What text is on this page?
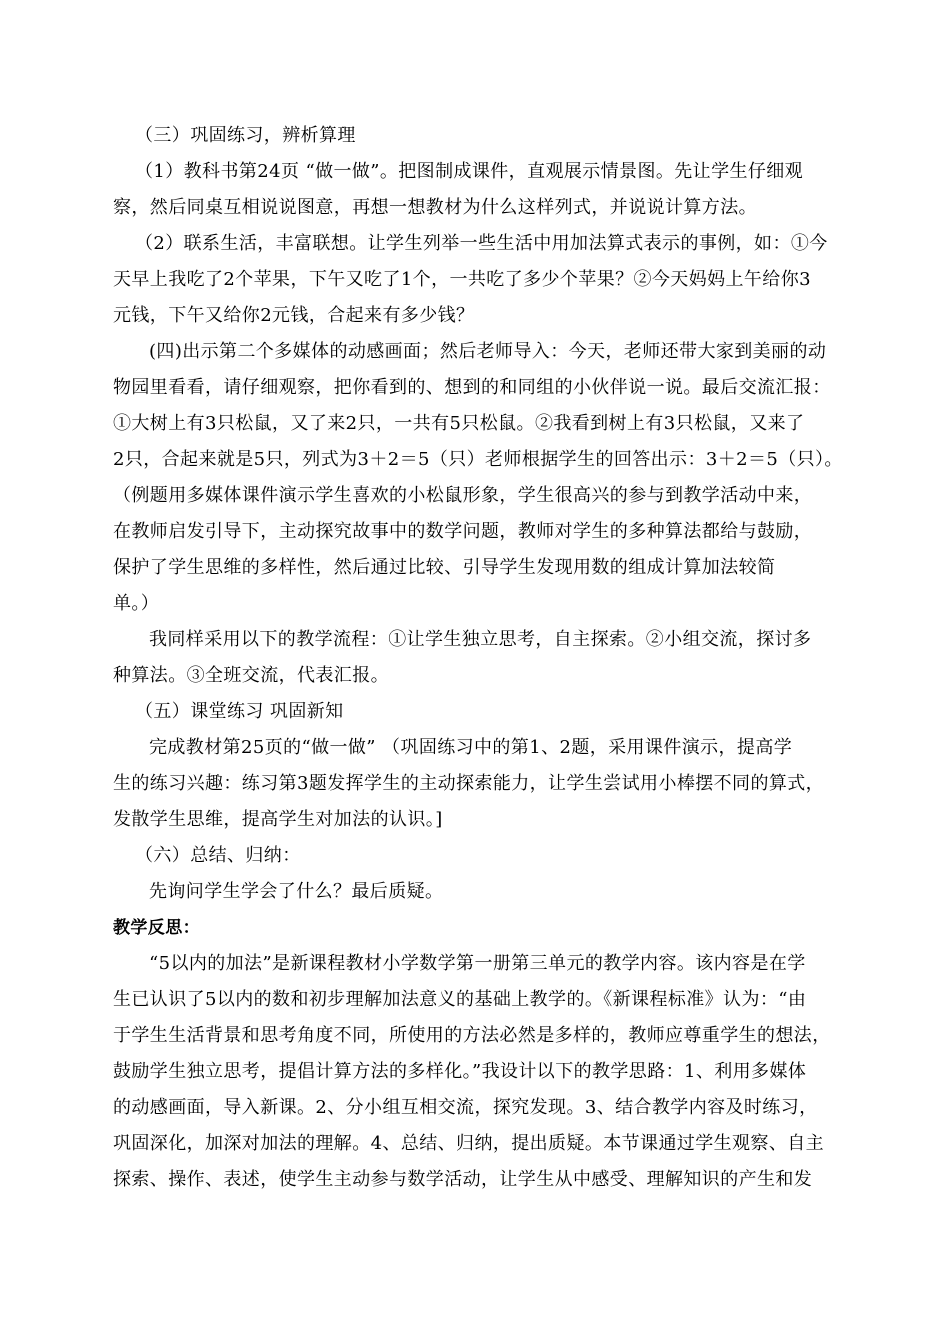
（三）巩固练习，辨析算理

（1）教科书第24页 “做一做”。把图制成课件，直观展示情景图。先让学生仔细观

察，然后同桌互相说说图意，再想一想教材为什么这样列式，并说说计算方法。

（2）联系生活，丰富联想。让学生列举一些生活中用加法算式表示的事例，如：①今

天早上我吃了2个苹果，下午又吃了1个，一共吃了多少个苹果？②今天妈妈上午给你3

元钱，下午又给你2元钱，合起来有多少钱？

(四)出示第二个多媒体的动感画面；然后老师导入：今天，老师还带大家到美丽的动

物园里看看，请仔细观察，把你看到的、想到的和同组的小伙伴说一说。最后交流汇报：

①大树上有3只松鼠，又了来2只，一共有5只松鼠。②我看到树上有3只松鼠，又来了

2只，合起来就是5只，列式为3＋2＝5（只）老师根据学生的回答出示：3＋2＝5（只）。

（例题用多媒体课件演示学生喜欢的小松鼠形象，学生很高兴的参与到教学活动中来，

在教师启发引导下，主动探究故事中的数学问题，教师对学生的多种算法都给与鼓励，

保护了学生思维的多样性，然后通过比较、引导学生发现用数的组成计算加法较简

单。）

我同样采用以下的教学流程：①让学生独立思考，自主探索。②小组交流，探讨多

种算法。③全班交流，代表汇报。

（五）课堂练习 巩固新知

完成教材第25页的“做一做” （巩固练习中的第1、2题，采用课件演示，提高学

生的练习兴趣：练习第3题发挥学生的主动探索能力，让学生尝试用小棒摆不同的算式，

发散学生思维，提高学生对加法的认识。]

（六）总结、归纳：

先询问学生学会了什么？最后质疑。

教学反思：

“5以内的加法”是新课程教材小学数学第一册第三单元的教学内容。该内容是在学

生已认识了5以内的数和初步理解加法意义的基础上教学的。《新课程标准》认为：“由

于学生生活背景和思考角度不同，所使用的方法必然是多样的，教师应尊重学生的想法，

鼓励学生独立思考，提倡计算方法的多样化。”我设计以下的教学思路：1、利用多媒体

的动感画面，导入新课。2、分小组互相交流，探究发现。3、结合教学内容及时练习，

巩固深化，加深对加法的理解。4、总结、归纳，提出质疑。本节课通过学生观察、自主

探索、操作、表述，使学生主动参与数学活动，让学生从中感受、理解知识的产生和发
